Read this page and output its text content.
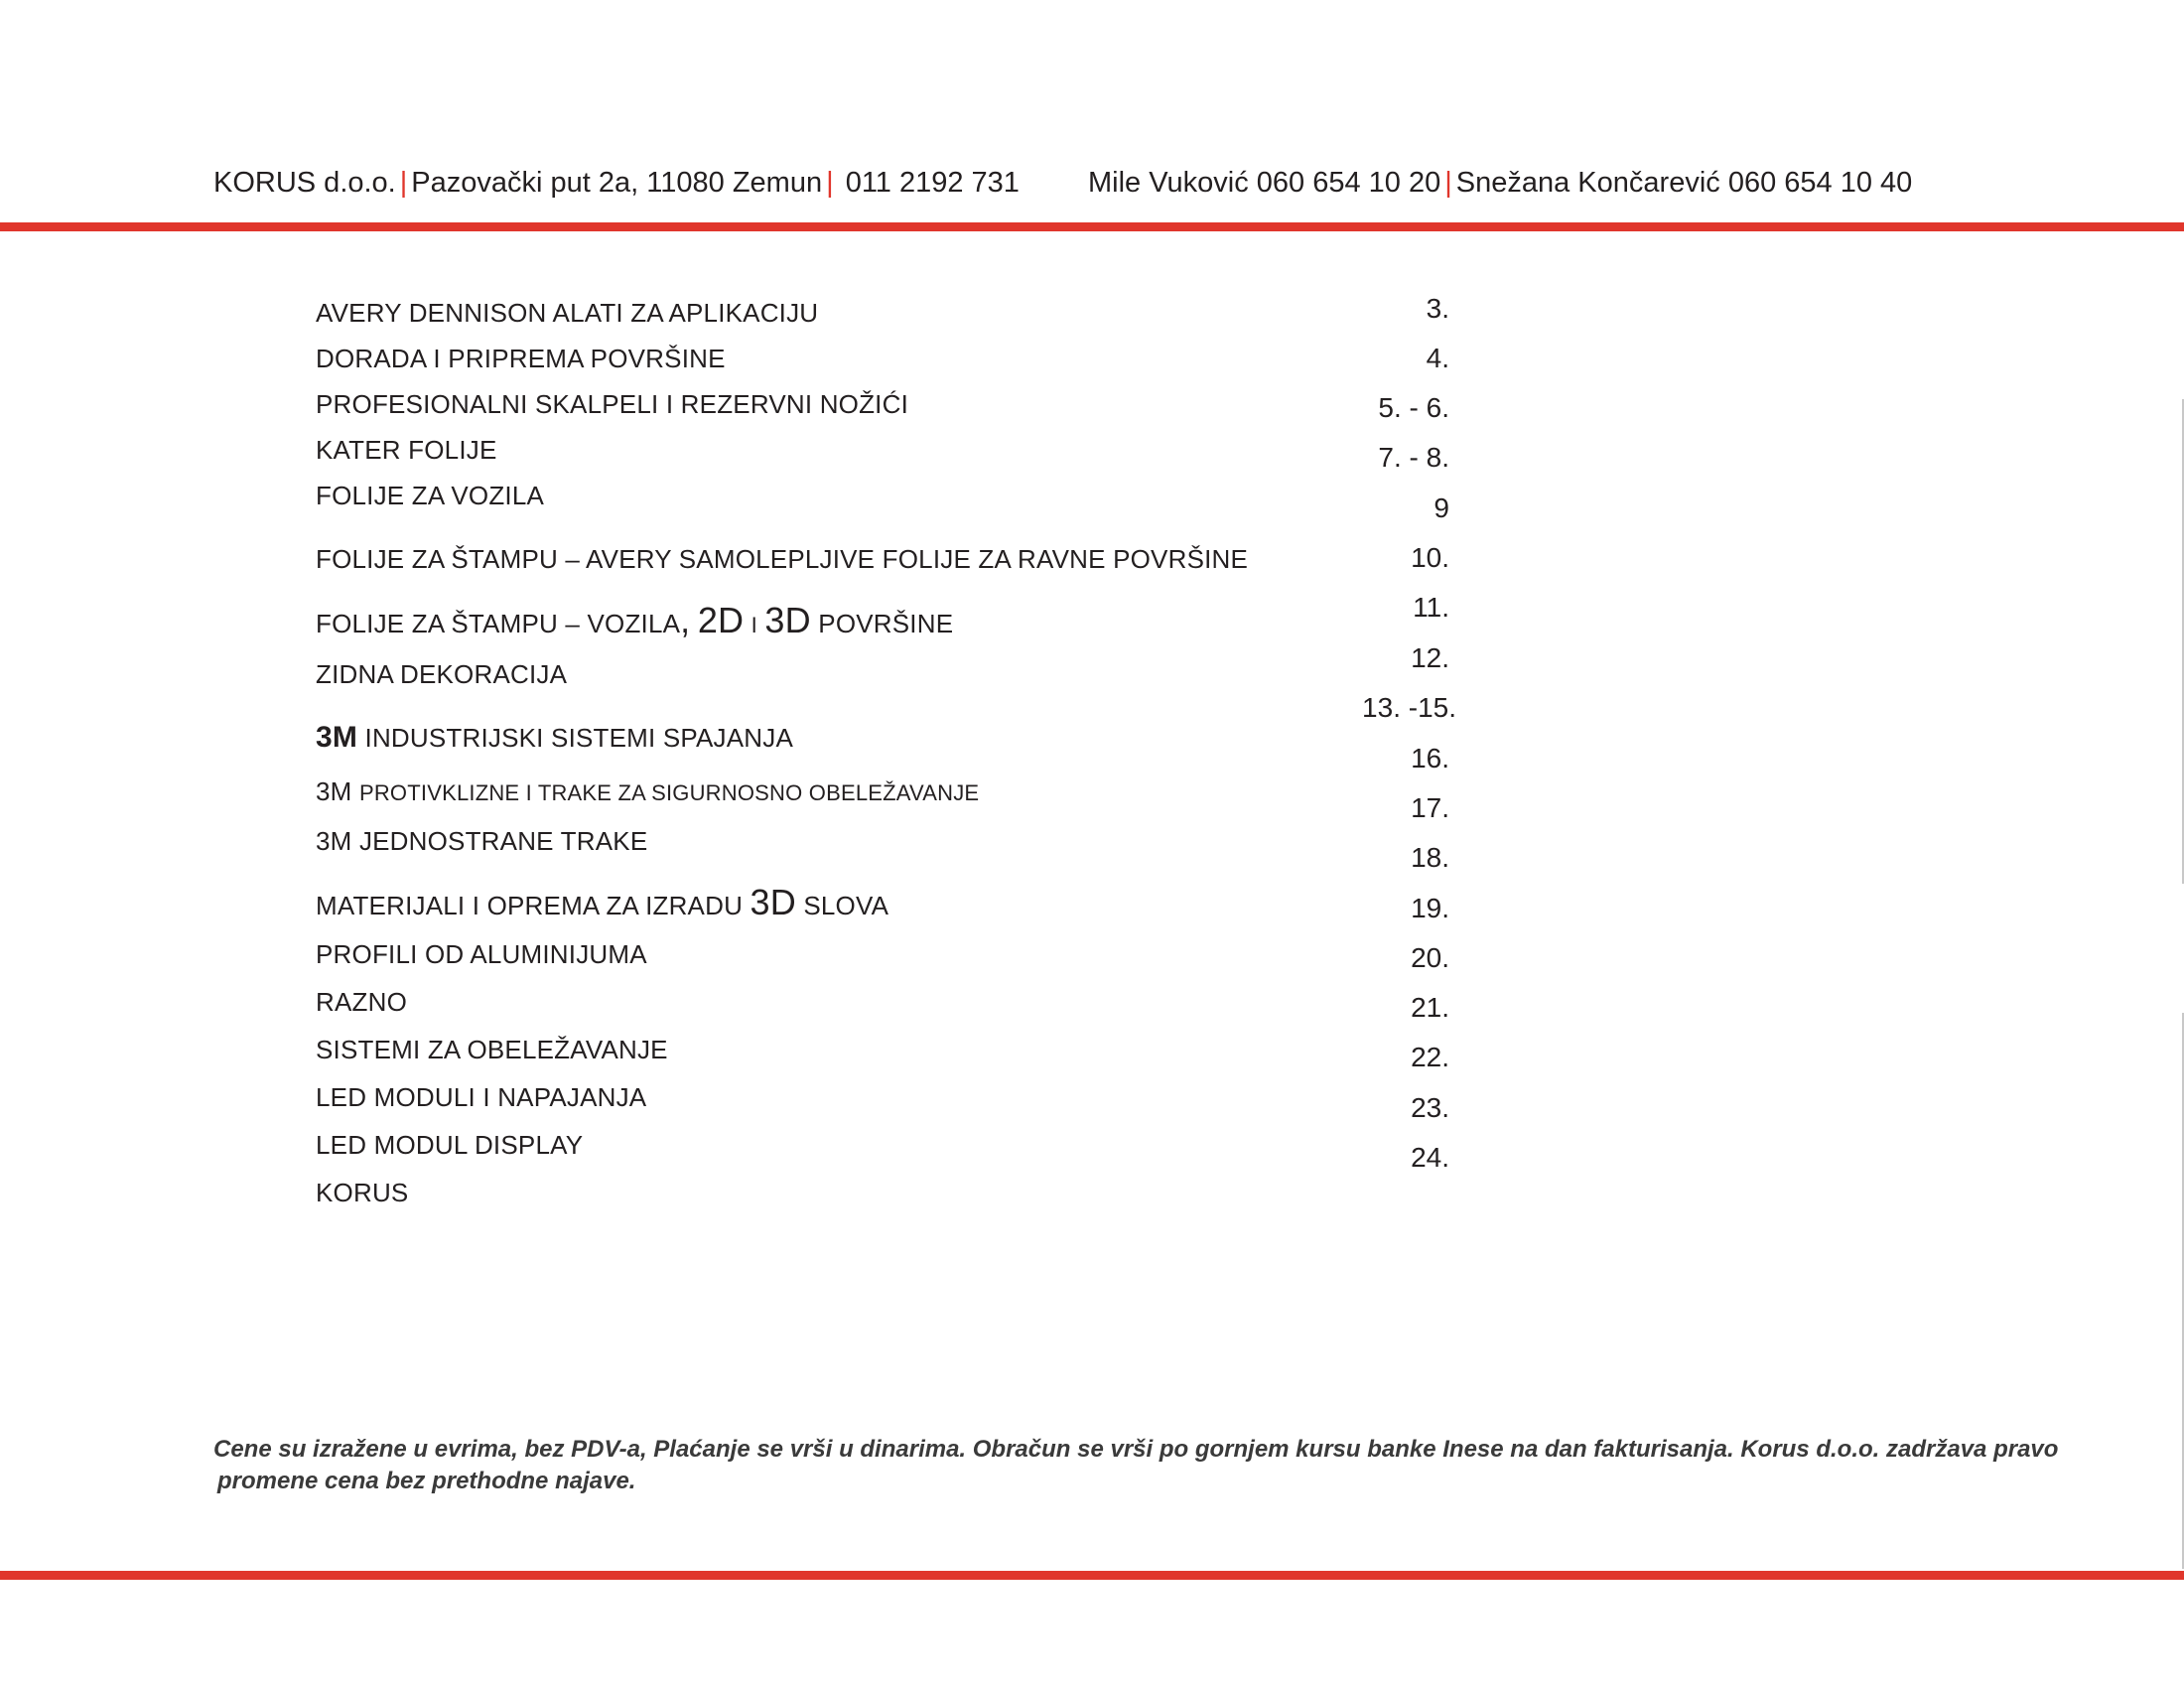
KORUS d.o.o. | Pazovački put 2a, 11080 Zemun | 011 2192 731 Mile Vuković 060 654 10 20 | Snežana Končarević 060 654 10 40
AVERY DENNISON ALATI ZA APLIKACIJU
DORADA I PRIPREMA POVRŠINE
PROFESIONALNI SKALPELI I REZERVNI NOŽIĆI
KATER FOLIJE
FOLIJE ZA VOZILA
FOLIJE ZA ŠTAMPU – AVERY SAMOLEPLJIVE FOLIJE ZA RAVNE POVRŠINE
FOLIJE ZA ŠTAMPU – VOZILA, 2D I 3D POVRŠINE
ZIDNA DEKORACIJA
3M INDUSTRIJSKI SISTEMI SPAJANJA
3M PROTIVKLIZNE I TRAKE ZA SIGURNOSNO OBELEŽAVANJE
3M JEDNOSTRANE TRAKE
MATERIJALI I OPREMA ZA IZRADU 3D SLOVA
PROFILI OD ALUMINIJUMA
RAZNO
SISTEMI ZA OBELEŽAVANJE
LED MODULI I NAPAJANJA
LED MODUL DISPLAY
KORUS
3.
4.
5. - 6.
7. - 8.
9
10.
11.
12.
13. -15.
16.
17.
18.
19.
20.
21.
22.
23.
24.
Cene su izražene u evrima, bez PDV-a, Plaćanje se vrši u dinarima. Obračun se vrši po gornjem kursu banke Inese na dan fakturisanja. Korus d.o.o. zadržava pravo
promene cena bez prethodne najave.
